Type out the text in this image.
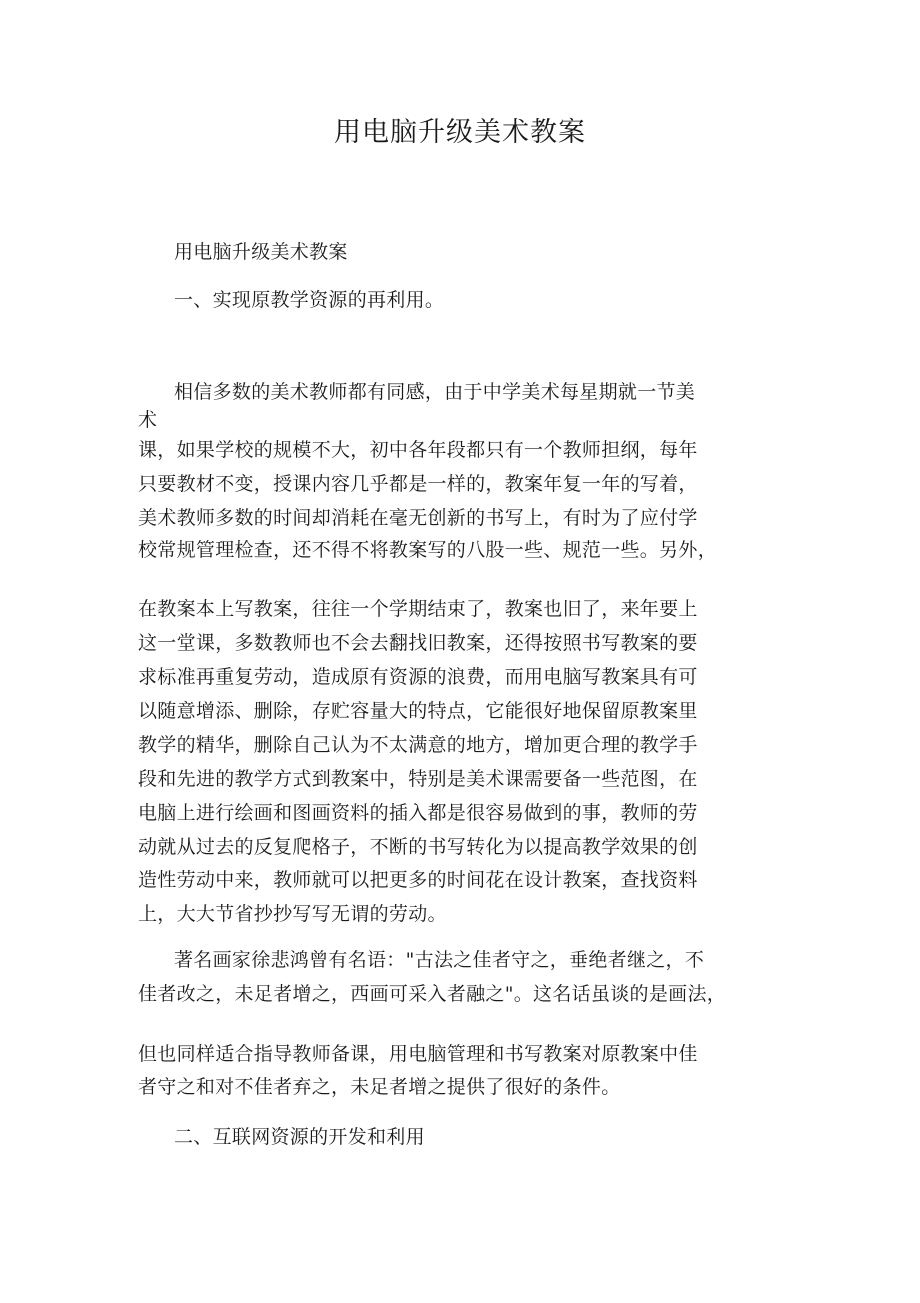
用电脑升级美术教案
用电脑升级美术教案
一、实现原教学资源的再利用。
相信多数的美术教师都有同感，由于中学美术每星期就一节美
术
课，如果学校的规模不大，初中各年段都只有一个教师担纲，每年
只要教材不变，授课内容几乎都是一样的，教案年复一年的写着，
美术教师多数的时间却消耗在毫无创新的书写上，有时为了应付学
校常规管理检查，还不得不将教案写的八股一些、规范一些。另外，
在教案本上写教案，往往一个学期结束了，教案也旧了，来年要上
这一堂课，多数教师也不会去翻找旧教案，还得按照书写教案的要
求标准再重复劳动，造成原有资源的浪费，而用电脑写教案具有可
以随意增添、删除，存贮容量大的特点，它能很好地保留原教案里
教学的精华，删除自己认为不太满意的地方，增加更合理的教学手
段和先进的教学方式到教案中，特别是美术课需要备一些范图，在
电脑上进行绘画和图画资料的插入都是很容易做到的事，教师的劳
动就从过去的反复爬格子，不断的书写转化为以提高教学效果的创
造性劳动中来，教师就可以把更多的时间花在设计教案，查找资料
上，大大节省抄抄写写无谓的劳动。
著名画家徐悲鸿曾有名语："古法之佳者守之，垂绝者继之，不
佳者改之，未足者增之，西画可采入者融之"。这名话虽谈的是画法，
但也同样适合指导教师备课，用电脑管理和书写教案对原教案中佳
者守之和对不佳者弃之，未足者增之提供了很好的条件。
二、互联网资源的开发和利用
